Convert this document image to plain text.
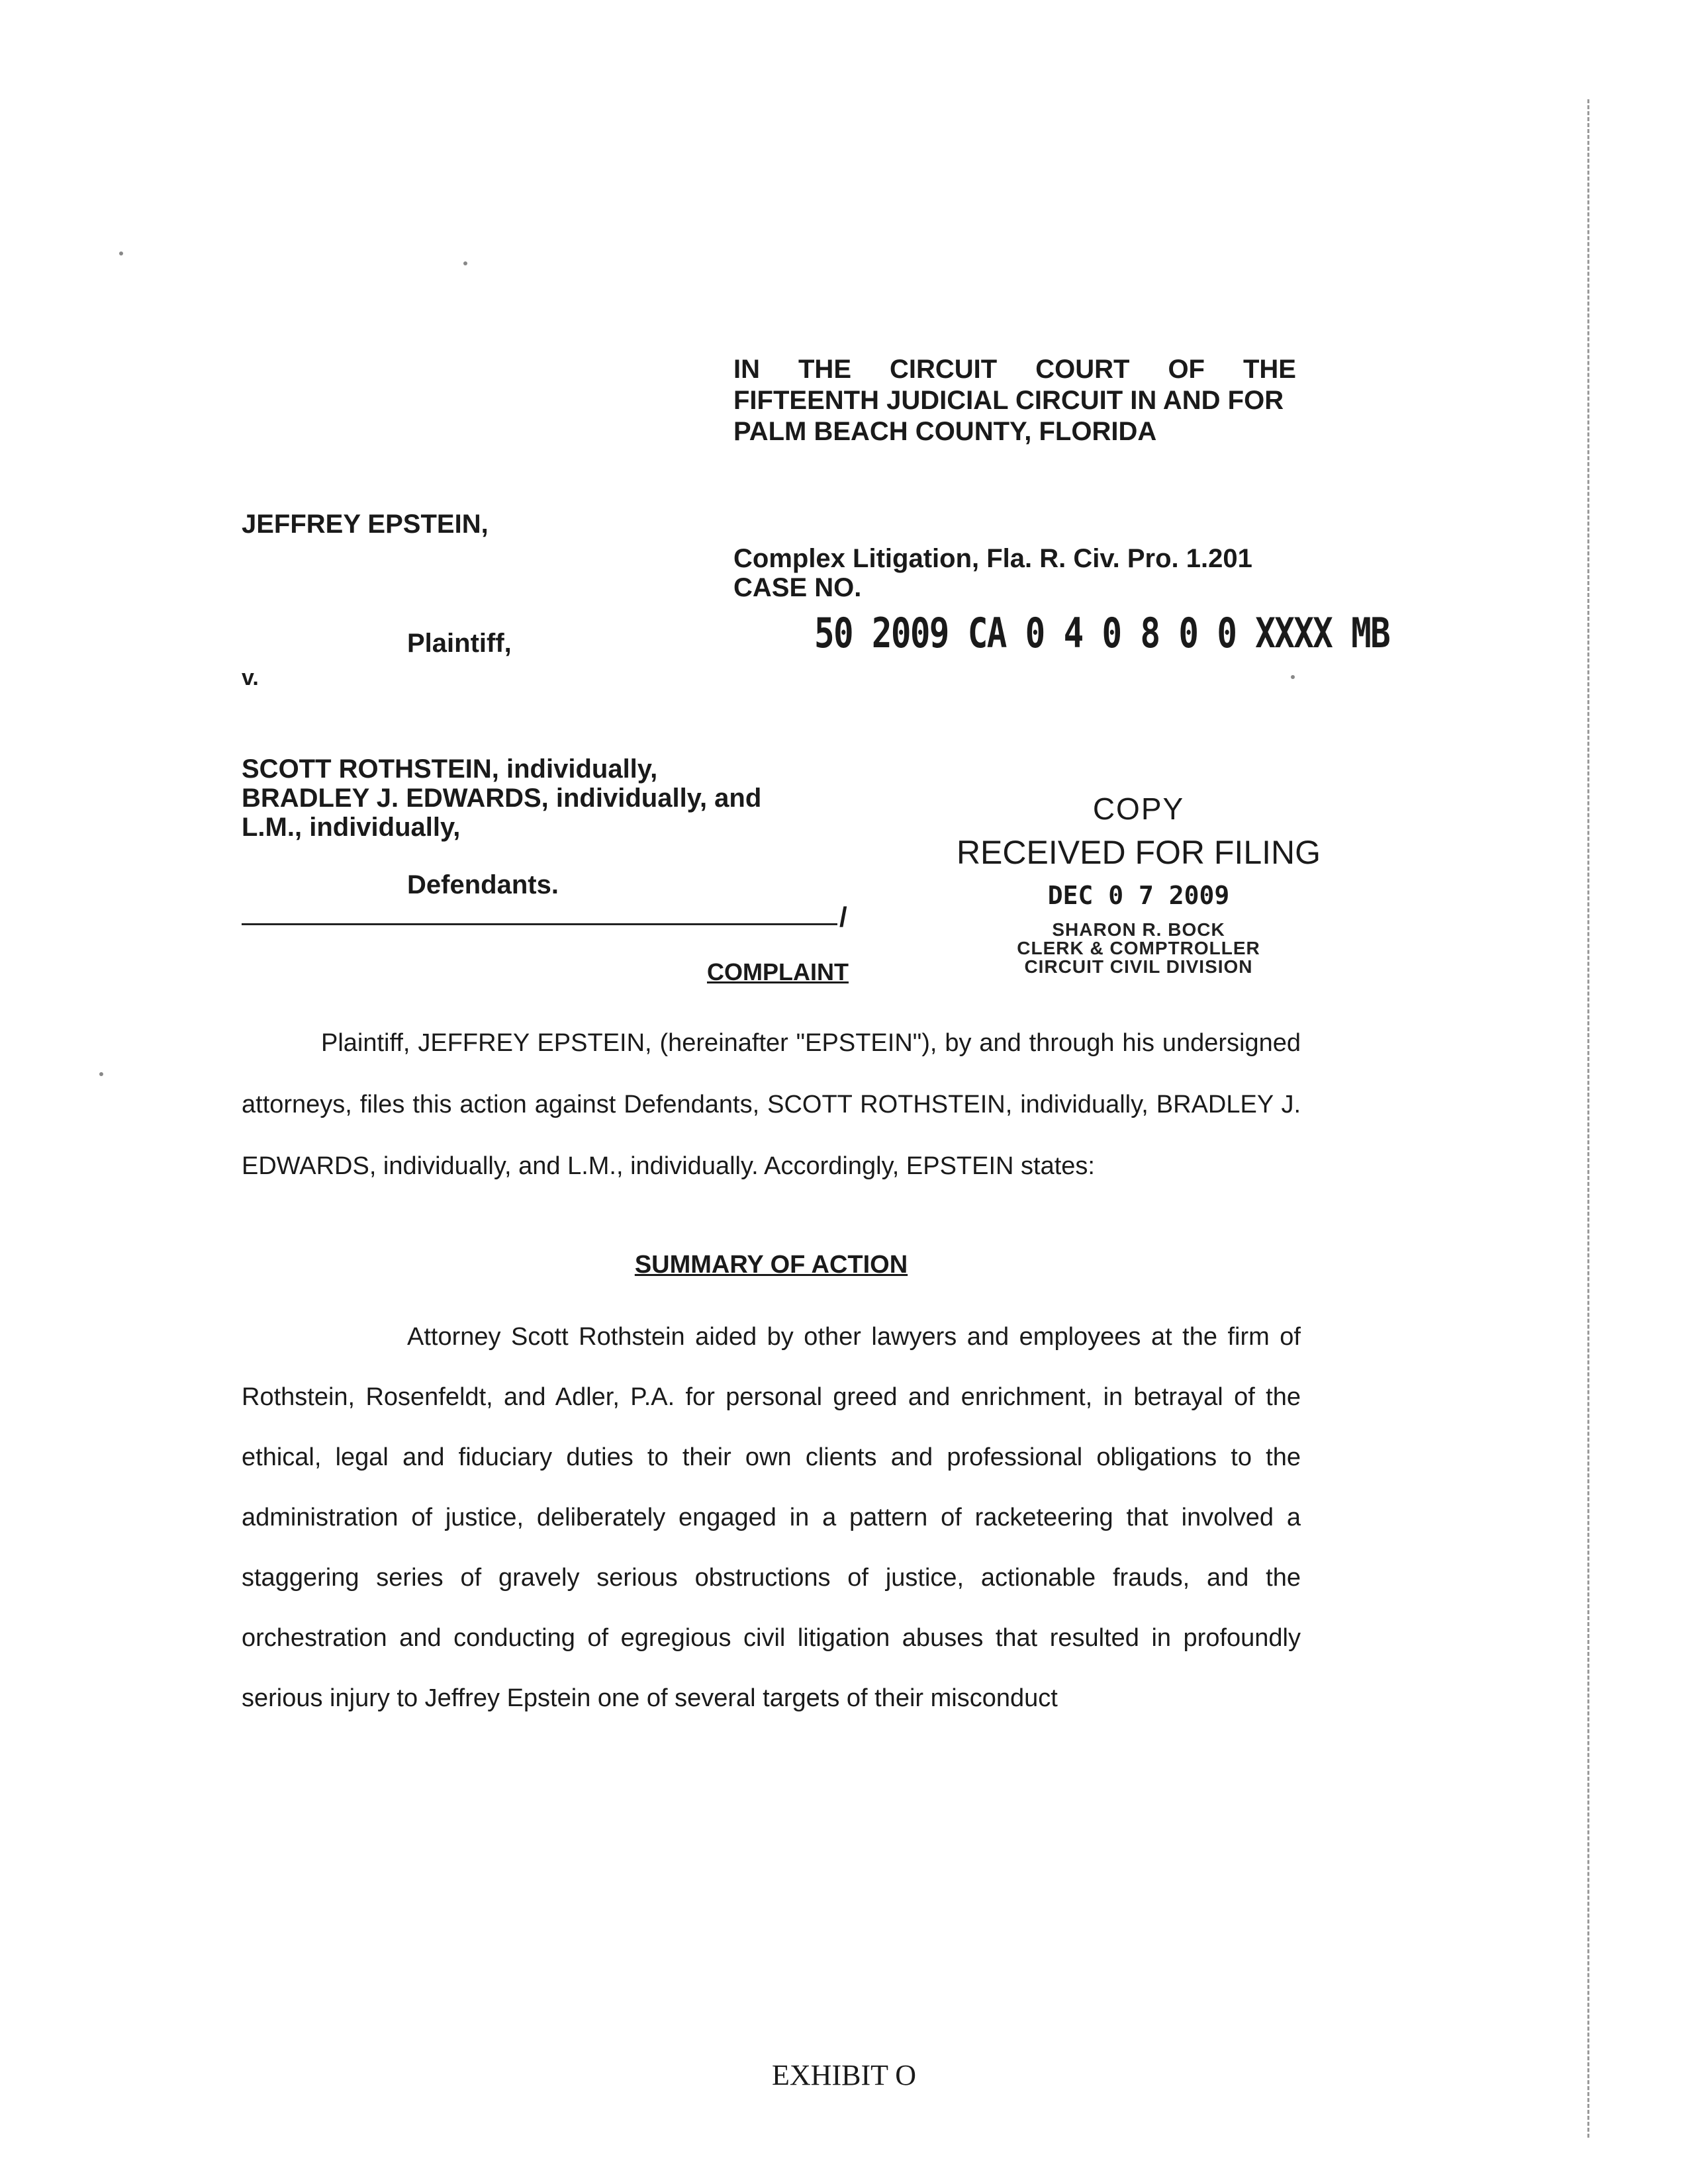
IN THE CIRCUIT COURT OF THE
FIFTEENTH JUDICIAL CIRCUIT IN AND FOR
PALM BEACH COUNTY, FLORIDA
JEFFREY EPSTEIN,
Complex Litigation, Fla. R. Civ. Pro. 1.201
CASE NO.
50 2009 CA 0 4 0 8 0 0 XXXX MB
Plaintiff,
v.
SCOTT ROTHSTEIN, individually,
BRADLEY J. EDWARDS, individually, and
L.M., individually,
Defendants.
/
COPY
RECEIVED FOR FILING
DEC 0 7 2009
SHARON R. BOCK
CLERK & COMPTROLLER
CIRCUIT CIVIL DIVISION
COMPLAINT
Plaintiff, JEFFREY EPSTEIN, (hereinafter "EPSTEIN"), by and through his undersigned attorneys, files this action against Defendants, SCOTT ROTHSTEIN, individually, BRADLEY J. EDWARDS, individually, and L.M., individually. Accordingly, EPSTEIN states:
SUMMARY OF ACTION
Attorney Scott Rothstein aided by other lawyers and employees at the firm of Rothstein, Rosenfeldt, and Adler, P.A. for personal greed and enrichment, in betrayal of the ethical, legal and fiduciary duties to their own clients and professional obligations to the administration of justice, deliberately engaged in a pattern of racketeering that involved a staggering series of gravely serious obstructions of justice, actionable frauds, and the orchestration and conducting of egregious civil litigation abuses that resulted in profoundly serious injury to Jeffrey Epstein one of several targets of their misconduct
EXHIBIT O
